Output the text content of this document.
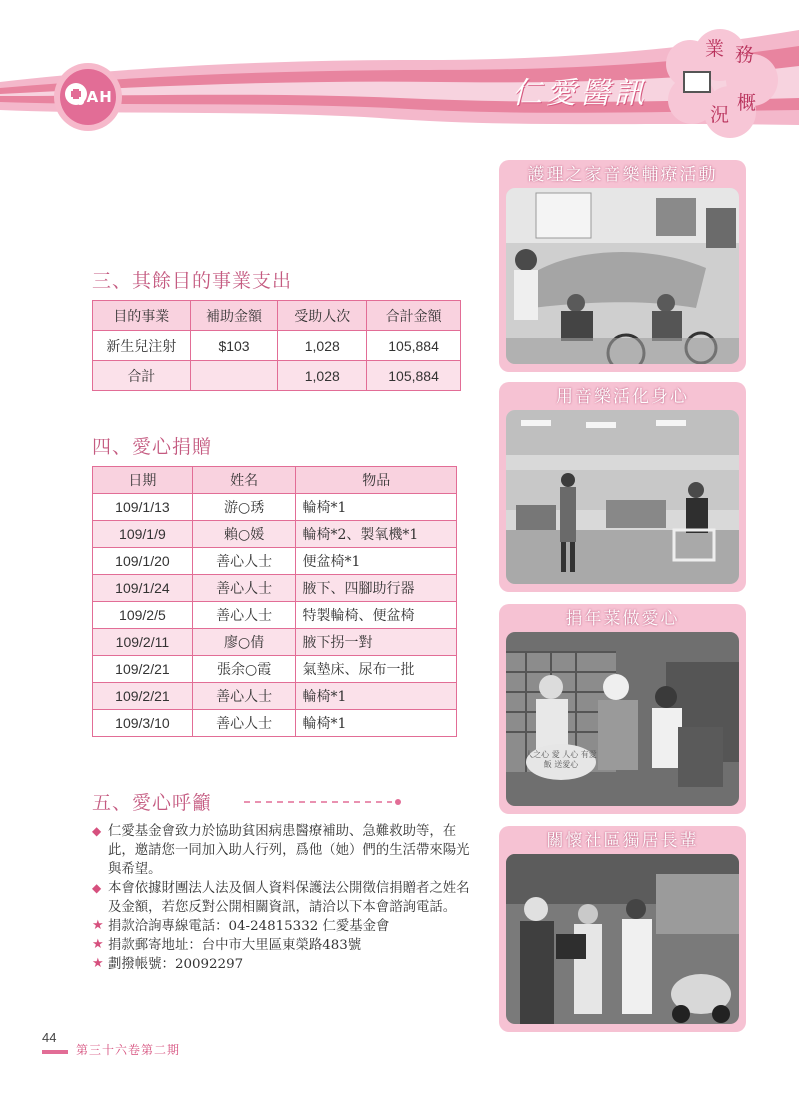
JAH	仁愛醫訊
業 務
概
況
三、其餘目的事業支出
目的事業	補助金額	受助人次	合計金額
新生兒注射	$103	1,028	105,884
合計		1,028	105,884
四、愛心捐贈
日期	姓名	物品
109/1/13	游○琇	輪椅*1
109/1/9	賴○媛	輪椅*2、製氧機*1
109/1/20	善心人士	便盆椅*1
109/1/24	善心人士	腋下、四腳助行器
109/2/5	善心人士	特製輪椅、便盆椅
109/2/11	廖○倩	腋下拐一對
109/2/21	張余○霞	氣墊床、尿布一批
109/2/21	善心人士	輪椅*1
109/3/10	善心人士	輪椅*1
五、愛心呼籲

◆ 仁愛基金會致力於協助貧困病患醫療補助、急難救助等，在此，邀請您一同加入助人行列，爲他（她）們的生活帶來陽光與希望。

◆ 本會依據財團法人法及個人資料保護法公開徵信捐贈者之姓名及金額，若您反對公開相關資訊，請洽以下本會諮詢電話。

★ 捐款洽詢專線電話：04-24815332 仁愛基金會

★ 捐款郵寄地址：台中市大里區東榮路483號

★ 劃撥帳號：20092297

護理之家音樂輔療活動
用音樂活化身心
捐年菜做愛心
人之心 愛 人心 有愛飯 送愛心
關懷社區獨居長輩
44
第三十六卷第二期
